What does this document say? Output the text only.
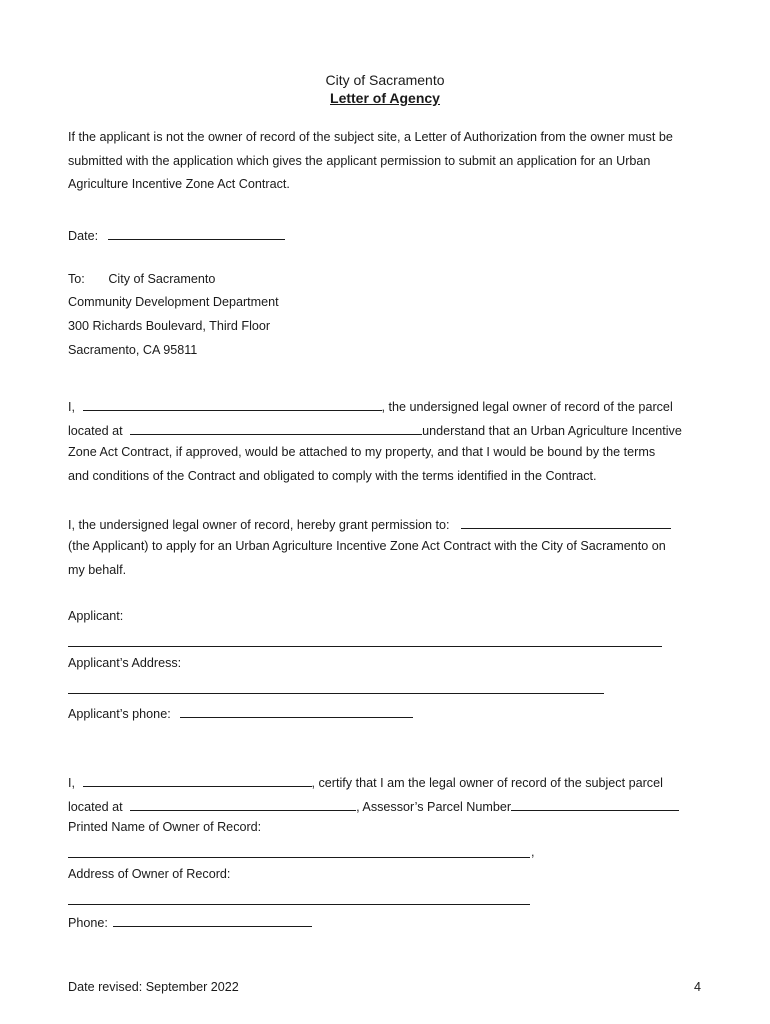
City of Sacramento
Letter of Agency
If the applicant is not the owner of record of the subject site, a Letter of Authorization from the owner must be submitted with the application which gives the applicant permission to submit an application for an Urban Agriculture Incentive Zone Act Contract.
Date:
To: City of Sacramento
Community Development Department
300 Richards Boulevard, Third Floor
Sacramento, CA 95811
I,	, the undersigned legal owner of record of the parcel
located at	understand that an Urban Agriculture Incentive
Zone Act Contract, if approved, would be attached to my property, and that I would be bound by the terms
and conditions of the Contract and obligated to comply with the terms identified in the Contract.
I, the undersigned legal owner of record, hereby grant permission to:
(the Applicant) to apply for an Urban Agriculture Incentive Zone Act Contract with the City of Sacramento on
my behalf.
Applicant:
Applicant’s Address:
Applicant’s phone:
I,	, certify that I am the legal owner of record of the subject parcel
located at	, Assessor’s Parcel Number
Printed Name of Owner of Record:
,
Address of Owner of Record:
Phone:
Date revised: September 2022	4
